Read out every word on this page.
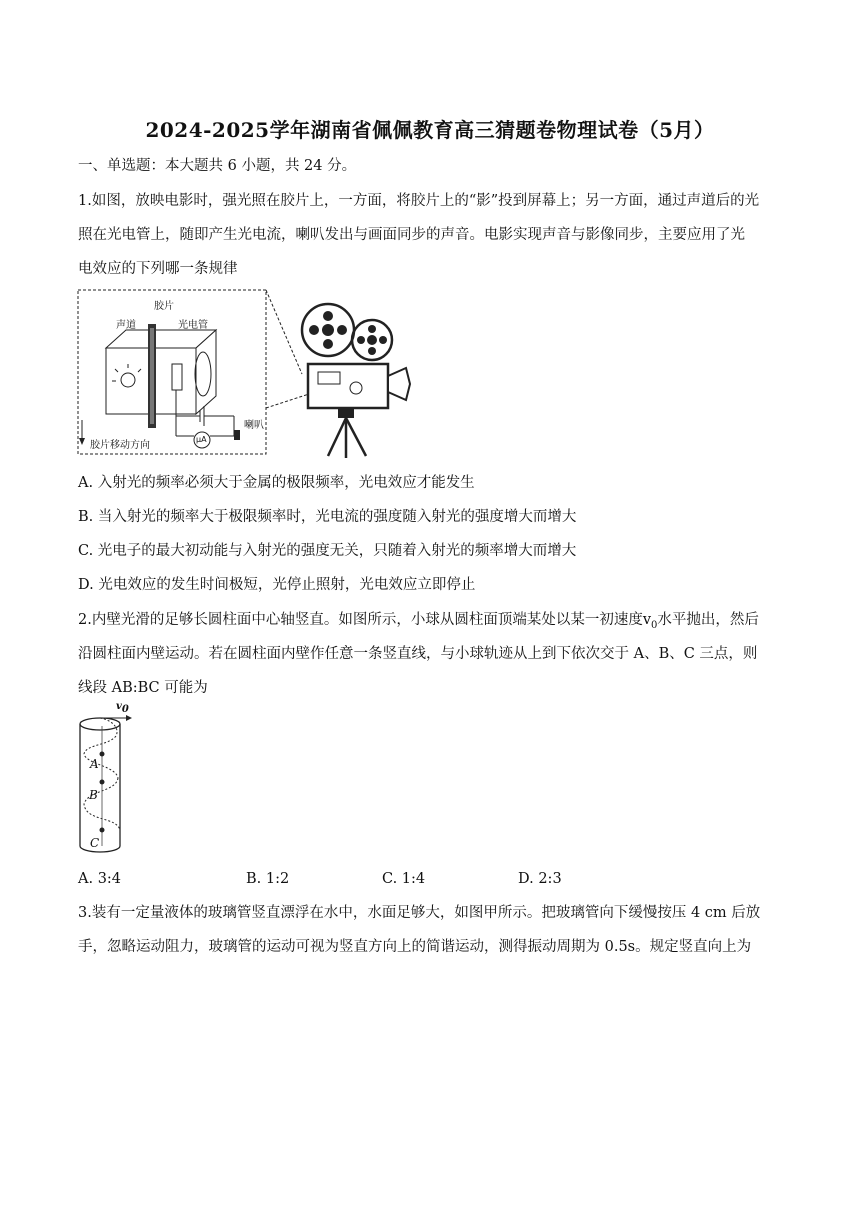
2024-2025学年湖南省佩佩教育高三猜题卷物理试卷（5月）
一、单选题：本大题共 6 小题，共 24 分。
1.如图，放映电影时，强光照在胶片上，一方面，将胶片上的“影”投到屏幕上；另一方面，通过声道后的光
照在光电管上，随即产生光电流，喇叭发出与画面同步的声音。电影实现声音与影像同步，主要应用了光
电效应的下列哪一条规律
胶片
声道	光电管
喇叭
μA
胶片移动方向
A. 入射光的频率必须大于金属的极限频率，光电效应才能发生
B. 当入射光的频率大于极限频率时，光电流的强度随入射光的强度增大而增大
C. 光电子的最大初动能与入射光的强度无关，只随着入射光的频率增大而增大
D. 光电效应的发生时间极短，光停止照射，光电效应立即停止
2.内壁光滑的足够长圆柱面中心轴竖直。如图所示，小球从圆柱面顶端某处以某一初速度$v_0$水平抛出，然后
沿圆柱面内壁运动。若在圆柱面内壁作任意一条竖直线，与小球轨迹从上到下依次交于 A、B、C 三点，则
线段 AB:BC 可能为
$v_0$
A
B
C
A. 3:4	B. 1:2	C. 1:4	D. 2:3
3.装有一定量液体的玻璃管竖直漂浮在水中，水面足够大，如图甲所示。把玻璃管向下缓慢按压 4 cm 后放
手，忽略运动阻力，玻璃管的运动可视为竖直方向上的简谐运动，测得振动周期为 0.5s。规定竖直向上为
